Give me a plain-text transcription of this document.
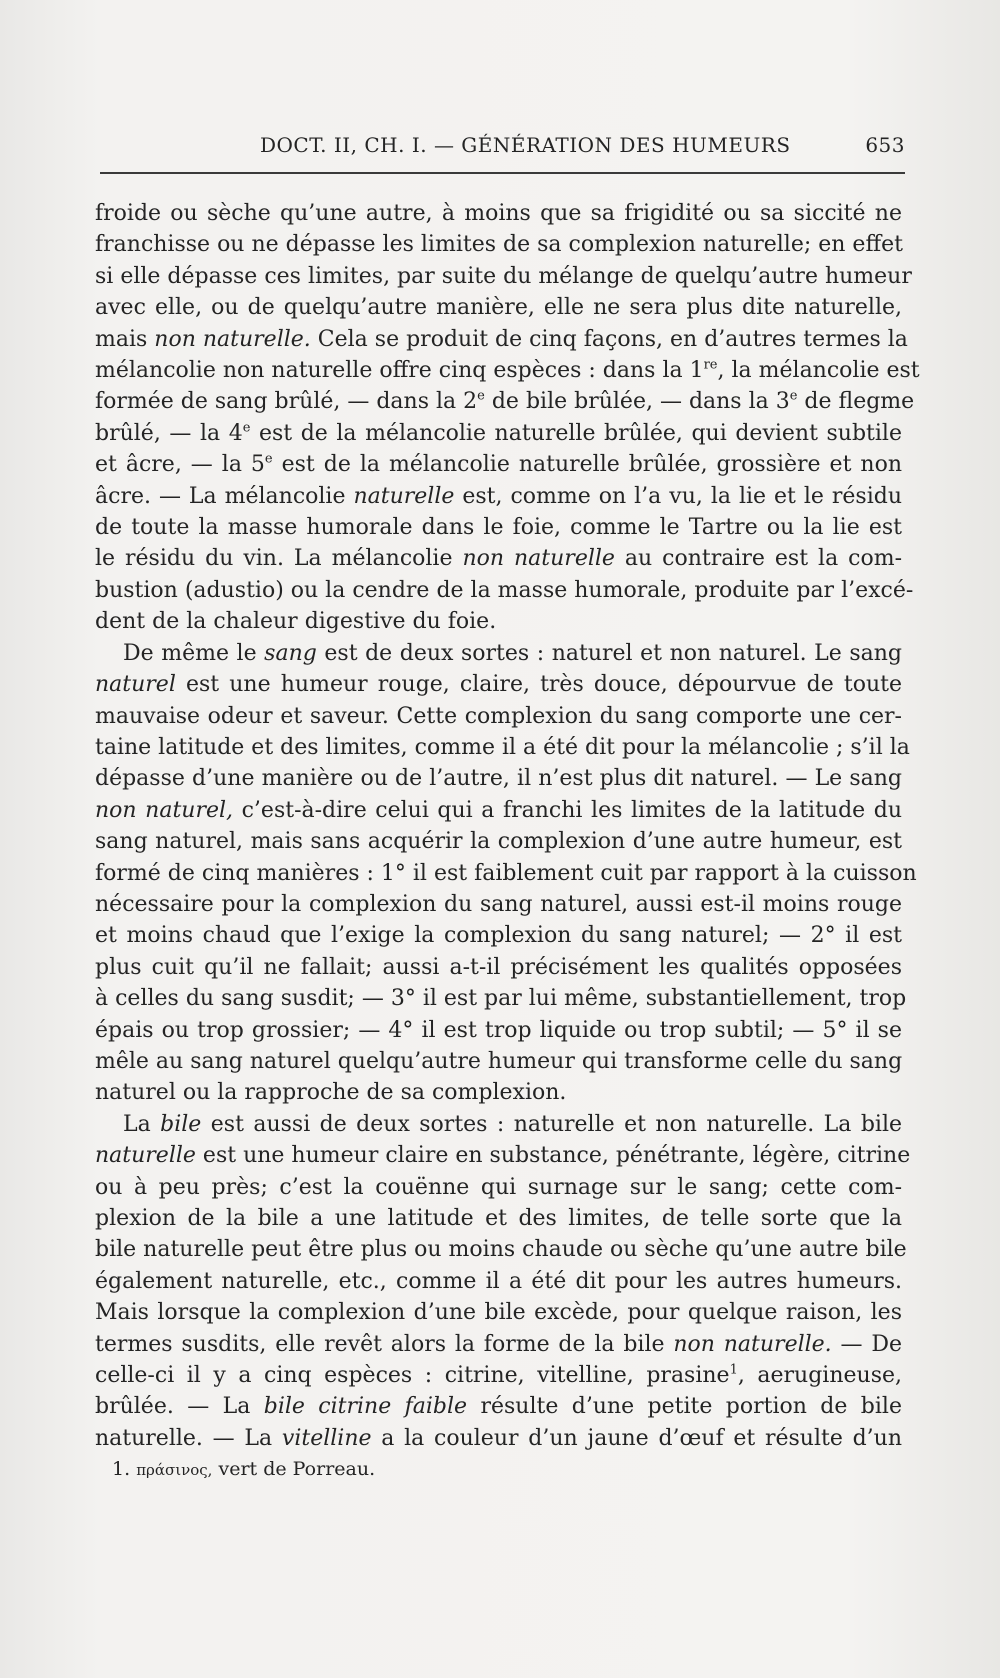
DOCT. II, CH. I. — GÉNÉRATION DES HUMEURS	653

froide ou sèche qu’une autre, à moins que sa frigidité ou sa siccité ne
franchisse ou ne dépasse les limites de sa complexion naturelle; en effet
si elle dépasse ces limites, par suite du mélange de quelqu’autre humeur
avec elle, ou de quelqu’autre manière, elle ne sera plus dite naturelle,
mais non naturelle. Cela se produit de cinq façons, en d’autres termes la
mélancolie non naturelle offre cinq espèces : dans la 1re, la mélancolie est
formée de sang brûlé, — dans la 2e de bile brûlée, — dans la 3e de flegme
brûlé, — la 4e est de la mélancolie naturelle brûlée, qui devient subtile
et âcre, — la 5e est de la mélancolie naturelle brûlée, grossière et non
âcre. — La mélancolie naturelle est, comme on l’a vu, la lie et le résidu
de toute la masse humorale dans le foie, comme le Tartre ou la lie est
le résidu du vin. La mélancolie non naturelle au contraire est la com-
bustion (adustio) ou la cendre de la masse humorale, produite par l’excé-
dent de la chaleur digestive du foie.

De même le sang est de deux sortes : naturel et non naturel. Le sang
naturel est une humeur rouge, claire, très douce, dépourvue de toute
mauvaise odeur et saveur. Cette complexion du sang comporte une cer-
taine latitude et des limites, comme il a été dit pour la mélancolie ; s’il la
dépasse d’une manière ou de l’autre, il n’est plus dit naturel. — Le sang
non naturel, c’est-à-dire celui qui a franchi les limites de la latitude du
sang naturel, mais sans acquérir la complexion d’une autre humeur, est
formé de cinq manières : 1° il est faiblement cuit par rapport à la cuisson
nécessaire pour la complexion du sang naturel, aussi est-il moins rouge
et moins chaud que l’exige la complexion du sang naturel; — 2° il est
plus cuit qu’il ne fallait; aussi a-t-il précisément les qualités opposées
à celles du sang susdit; — 3° il est par lui même, substantiellement, trop
épais ou trop grossier; — 4° il est trop liquide ou trop subtil; — 5° il se
mêle au sang naturel quelqu’autre humeur qui transforme celle du sang
naturel ou la rapproche de sa complexion.

La bile est aussi de deux sortes : naturelle et non naturelle. La bile
naturelle est une humeur claire en substance, pénétrante, légère, citrine
ou à peu près; c’est la couënne qui surnage sur le sang; cette com-
plexion de la bile a une latitude et des limites, de telle sorte que la
bile naturelle peut être plus ou moins chaude ou sèche qu’une autre bile
également naturelle, etc., comme il a été dit pour les autres humeurs.
Mais lorsque la complexion d’une bile excède, pour quelque raison, les
termes susdits, elle revêt alors la forme de la bile non naturelle. — De
celle-ci il y a cinq espèces : citrine, vitelline, prasine$^1$, aerugineuse,
brûlée. — La bile citrine faible résulte d’une petite portion de bile
naturelle. — La vitelline a la couleur d’un jaune d’œuf et résulte d’un

1. πράσινος, vert de Porreau.
